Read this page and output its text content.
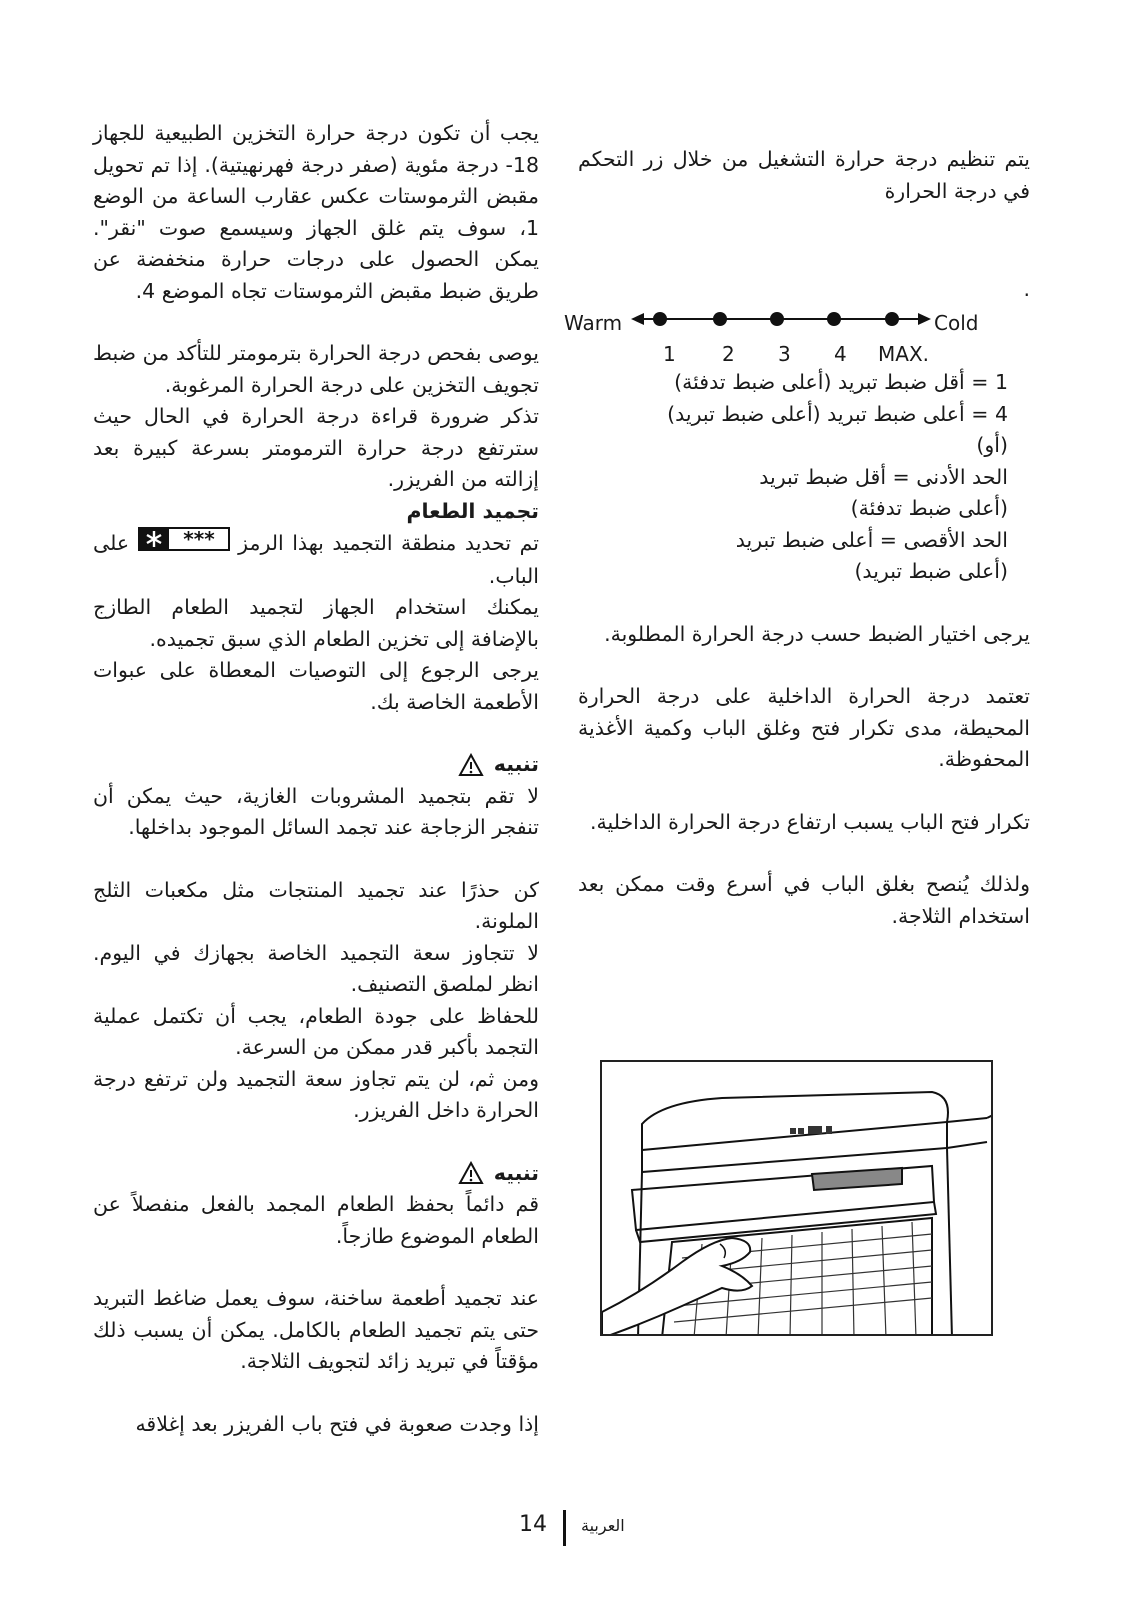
يجب أن تكون درجة حرارة التخزين الطبيعية للجهاز ‎-18 درجة مئوية (صفر درجة فهرنهيتية). إذا تم تحويل مقبض الثرموستات عكس عقارب الساعة من الوضع 1، سوف يتم غلق الجهاز وسيسمع صوت "نقر". يمكن الحصول على درجات حرارة منخفضة عن طريق ضبط مقبض الثرموستات تجاه الموضع 4.

يوصى بفحص درجة الحرارة بترمومتر للتأكد من ضبط تجويف التخزين على درجة الحرارة المرغوبة.

تذكر ضرورة قراءة درجة الحرارة في الحال حيث سترتفع درجة حرارة الترمومتر بسرعة كبيرة بعد إزالته من الفريزر.

تجميد الطعام

تم تحديد منطقة التجميد بهذا الرمز
***
على الباب.

يمكنك استخدام الجهاز لتجميد الطعام الطازج بالإضافة إلى تخزين الطعام الذي سبق تجميده.

يرجى الرجوع إلى التوصيات المعطاة على عبوات الأطعمة الخاصة بك.

تنبيه

لا تقم بتجميد المشروبات الغازية، حيث يمكن أن تنفجر الزجاجة عند تجمد السائل الموجود بداخلها.

كن حذرًا عند تجميد المنتجات مثل مكعبات الثلج الملونة.

لا تتجاوز سعة التجميد الخاصة بجهازك في اليوم. انظر لملصق التصنيف.

للحفاظ على جودة الطعام، يجب أن تكتمل عملية التجمد بأكبر قدر ممكن من السرعة.

ومن ثم، لن يتم تجاوز سعة التجميد ولن ترتفع درجة الحرارة داخل الفريزر.

تنبيه

قم دائماً بحفظ الطعام المجمد بالفعل منفصلاً عن الطعام الموضوع طازجاً.

عند تجميد أطعمة ساخنة، سوف يعمل ضاغط التبريد حتى يتم تجميد الطعام بالكامل. يمكن أن يسبب ذلك مؤقتاً في تبريد زائد لتجويف الثلاجة.

إذا وجدت صعوبة في فتح باب الفريزر بعد إغلاقه

يتم تنظيم درجة حرارة التشغيل من خلال زر التحكم في درجة الحرارة

.

Warm	Cold
1 2 3 4 MAX.

1 = أقل ضبط تبريد (أعلى ضبط تدفئة)

4 = أعلى ضبط تبريد (أعلى ضبط تبريد)

(أو)

الحد الأدنى = أقل ضبط تبريد

(أعلى ضبط تدفئة)

الحد الأقصى = أعلى ضبط تبريد

(أعلى ضبط تبريد)

يرجى اختيار الضبط حسب درجة الحرارة المطلوبة.

تعتمد درجة الحرارة الداخلية على درجة الحرارة المحيطة، مدى تكرار فتح وغلق الباب وكمية الأغذية المحفوظة.

تكرار فتح الباب يسبب ارتفاع درجة الحرارة الداخلية.

ولذلك يُنصح بغلق الباب في أسرع وقت ممكن بعد استخدام الثلاجة.

14 العربية
